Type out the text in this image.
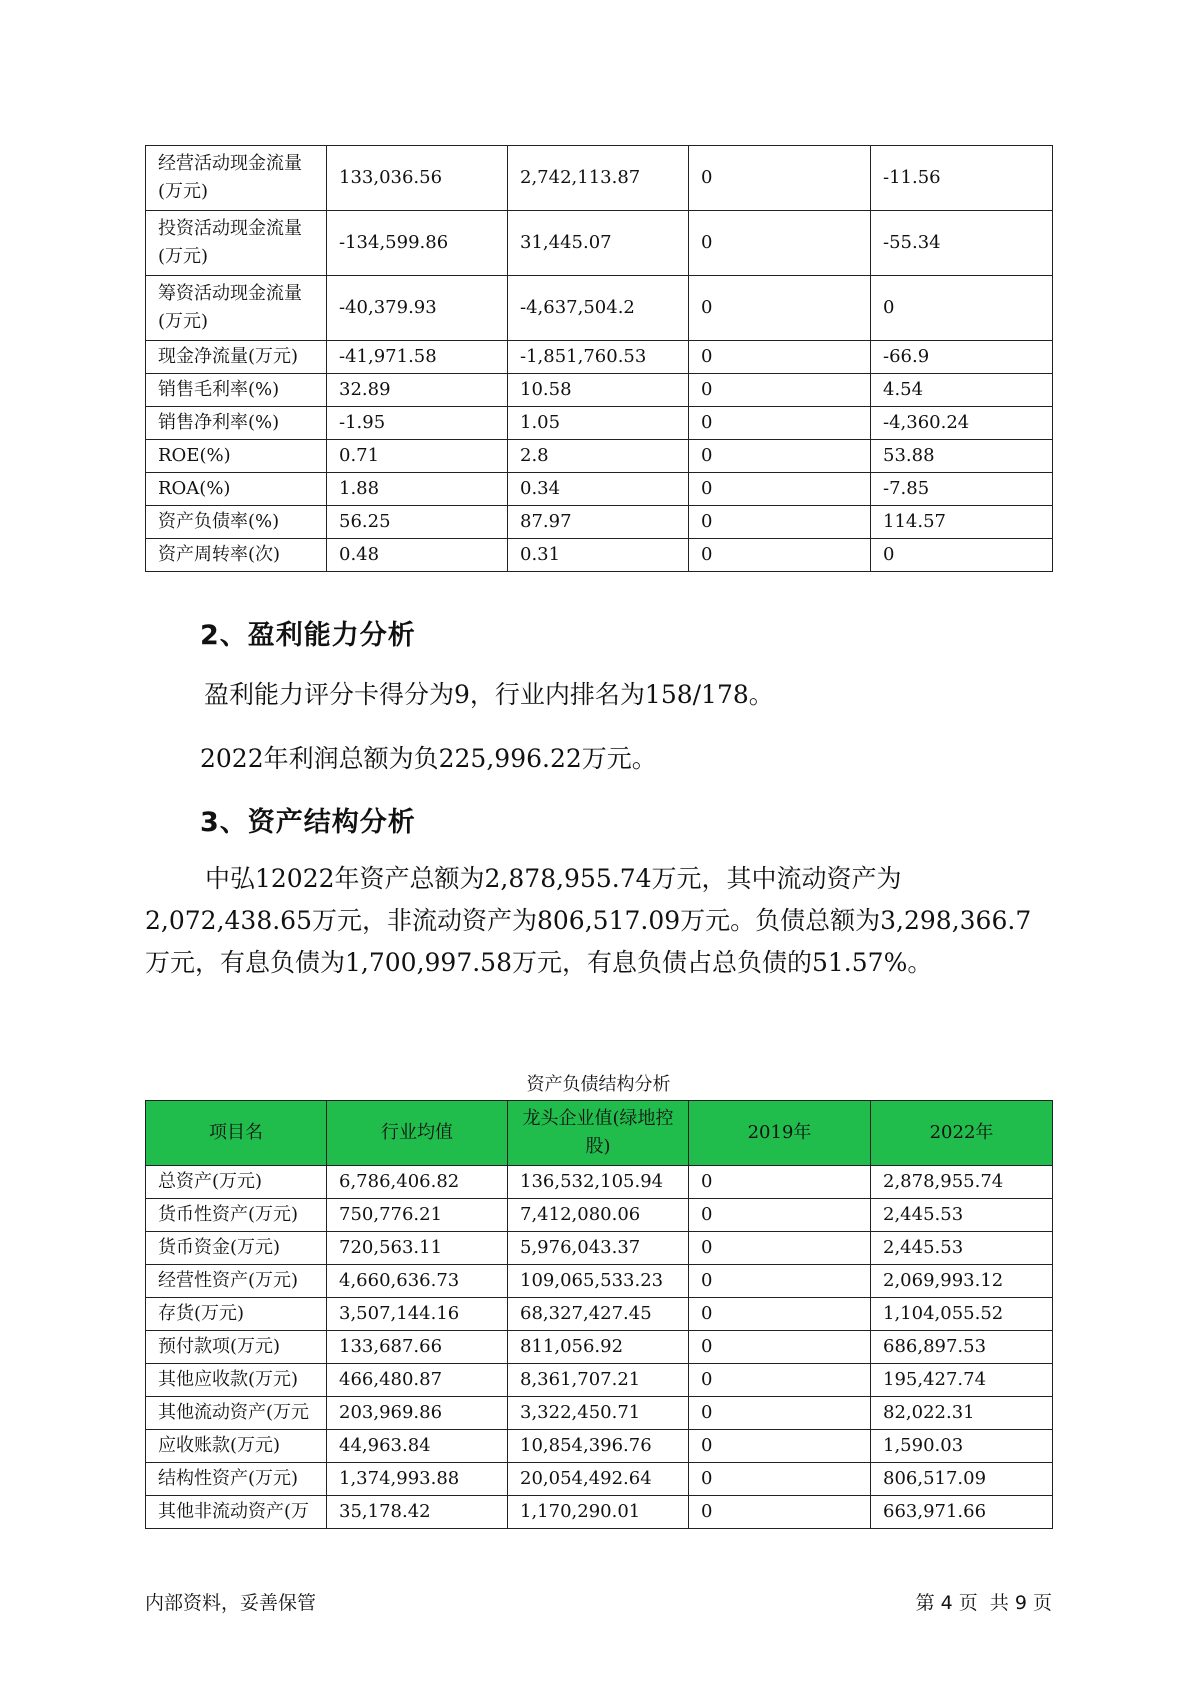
经营活动现金流量(万元)	133,036.56	2,742,113.87	0	-11.56
投资活动现金流量(万元)	-134,599.86	31,445.07	0	-55.34
筹资活动现金流量(万元)	-40,379.93	-4,637,504.2	0	0
现金净流量(万元)	-41,971.58	-1,851,760.53	0	-66.9
销售毛利率(%)	32.89	10.58	0	4.54
销售净利率(%)	-1.95	1.05	0	-4,360.24
ROE(%)	0.71	2.8	0	53.88
ROA(%)	1.88	0.34	0	-7.85
资产负债率(%)	56.25	87.97	0	114.57
资产周转率(次)	0.48	0.31	0	0
2、盈利能力分析

盈利能力评分卡得分为9，行业内排名为158/178。

2022年利润总额为负225,996.22万元。

3、资产结构分析

中弘12022年资产总额为2,878,955.74万元，其中流动资产为2,072,438.65万元，非流动资产为806,517.09万元。负债总额为3,298,366.7万元，有息负债为1,700,997.58万元，有息负债占总负债的51.57%。

资产负债结构分析
项目名	行业均值	龙头企业值(绿地控股)	2019年	2022年
总资产(万元)	6,786,406.82	136,532,105.94	0	2,878,955.74
货币性资产(万元)	750,776.21	7,412,080.06	0	2,445.53
货币资金(万元)	720,563.11	5,976,043.37	0	2,445.53
经营性资产(万元)	4,660,636.73	109,065,533.23	0	2,069,993.12
存货(万元)	3,507,144.16	68,327,427.45	0	1,104,055.52
预付款项(万元)	133,687.66	811,056.92	0	686,897.53
其他应收款(万元)	466,480.87	8,361,707.21	0	195,427.74
其他流动资产(万元	203,969.86	3,322,450.71	0	82,022.31
应收账款(万元)	44,963.84	10,854,396.76	0	1,590.03
结构性资产(万元)	1,374,993.88	20,054,492.64	0	806,517.09
其他非流动资产(万	35,178.42	1,170,290.01	0	663,971.66
内部资料，妥善保管	第 4 页  共 9 页
